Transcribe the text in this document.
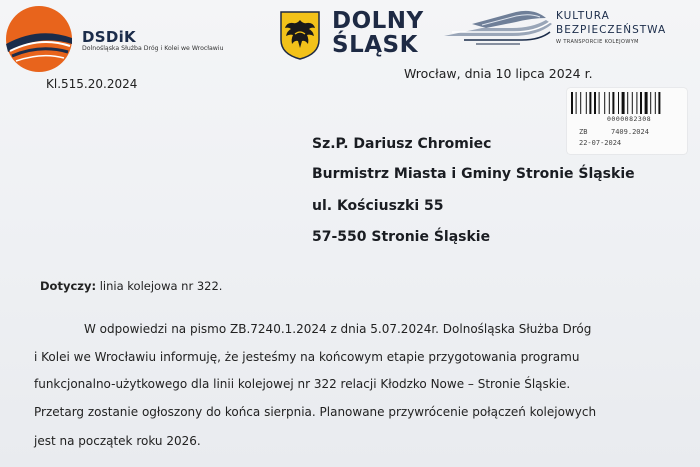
DSDiK
Dolnośląska Służba Dróg i Kolei we Wrocławiu
Kl.515.20.2024
DOLNY
ŚLĄSK
KULTURA
BEZPIECZEŃSTWA
W TRANSPORCIE KOLEJOWYM
Wrocław, dnia 10 lipca 2024 r.
0000082308
ZB	7409.2024
22-07-2024
Sz.P. Dariusz Chromiec
Burmistrz Miasta i Gminy Stronie Śląskie
ul. Kościuszki 55
57-550 Stronie Śląskie
Dotyczy: linia kolejowa nr 322.
W odpowiedzi na pismo ZB.7240.1.2024 z dnia 5.07.2024r. Dolnośląska Służba Dróg
i Kolei we Wrocławiu informuję, że jesteśmy na końcowym etapie przygotowania programu
funkcjonalno-użytkowego dla linii kolejowej nr 322 relacji Kłodzko Nowe – Stronie Śląskie.
Przetarg zostanie ogłoszony do końca sierpnia. Planowane przywrócenie połączeń kolejowych
jest na początek roku 2026.
